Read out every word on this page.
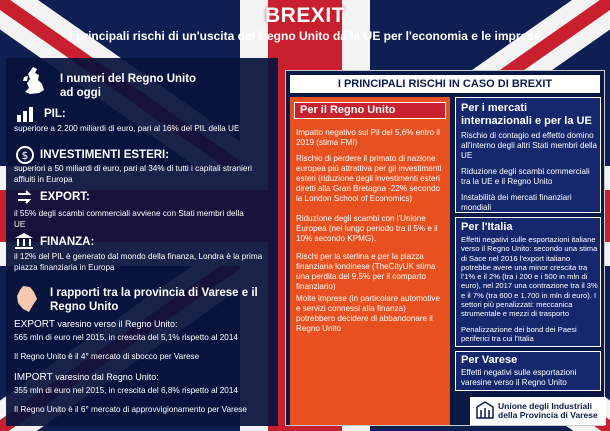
BREXIT
I principali rischi di un'uscita del Regno Unito dalla UE per l'economia e le imprese
I numeri del Regno Unito ad oggi
PIL:
superiore a 2.200 miliardi di euro, pari al 16% del PIL della UE
$ INVESTIMENTI ESTERI:
superiori a 50 miliardi di euro, pari al 34% di tutti i capitali stranieri affluiti in Europa
EXPORT:
il 55% degli scambi commerciali avviene con Stati membri della UE
FINANZA:
il 12% del PIL è generato dal mondo della finanza, Londra è la prima piazza finanziaria in Europa
I rapporti tra la provincia di Varese e il Regno Unito
EXPORT varesino verso il Regno Unito:
565 mln di euro nel 2015, in crescita del 5,1% rispetto al 2014
Il Regno Unito è il 4° mercato di sbocco per Varese
IMPORT varesino dal Regno Unito:
355 mln di euro nel 2015, in crescita del 6,8% rispetto al 2014
Il Regno Unito è il 6° mercato di approvvigionamento per Varese
I PRINCIPALI RISCHI IN CASO DI BREXIT
Per il Regno Unito
Impatto negativo sul Pil del 5,6% entro il 2019 (stima FMI)
Rischio di perdere il primato di nazione europea più attrattiva per gli investimenti esteri (riduzione degli investimenti esteri diretti alla Gran Bretagna -22% secondo la London School of Economics)
Riduzione degli scambi con l'Unione Europea (nel lungo periodo tra il 5% e il 10% secondo KPMG).
Rischi per la sterlina e per la piazza finanziaria londinese (TheCityUK stima una perdita del 9,5% per il comparto finanziario)
Molte imprese (in particolare automotive e servizi connessi alla finanza) potrebbero decidere di abbandonare il Regno Unito
Per i mercati internazionali e per la UE
Rischio di contagio ed effetto domino all'interno degli altri Stati membri della UE
Riduzione degli scambi commerciali tra la UE e il Regno Unito
Instabilità dei mercati finanziari mondiali
Per l'Italia
Effetti negativi sulle esportazioni italiane verso il Regno Unito: secondo una stima di Sace nel 2016 l'export italiano potrebbe avere una minor crescita tra l'1% e il 2% (tra i 200 e i 500 in mln di euro), nel 2017 una contrazione tra il 3% e il 7% (tra 600 e 1.700 in mln di euro). I settori più penalizzati: meccanica strumentale e mezzi di trasporto
Penalizzazione dei bond dei Paesi periferici tra cui l'Italia
Per Varese
Effetti negativi sulle esportazioni varesine verso il Regno Unito
Unione degli Industriali
della Provincia di Varese
